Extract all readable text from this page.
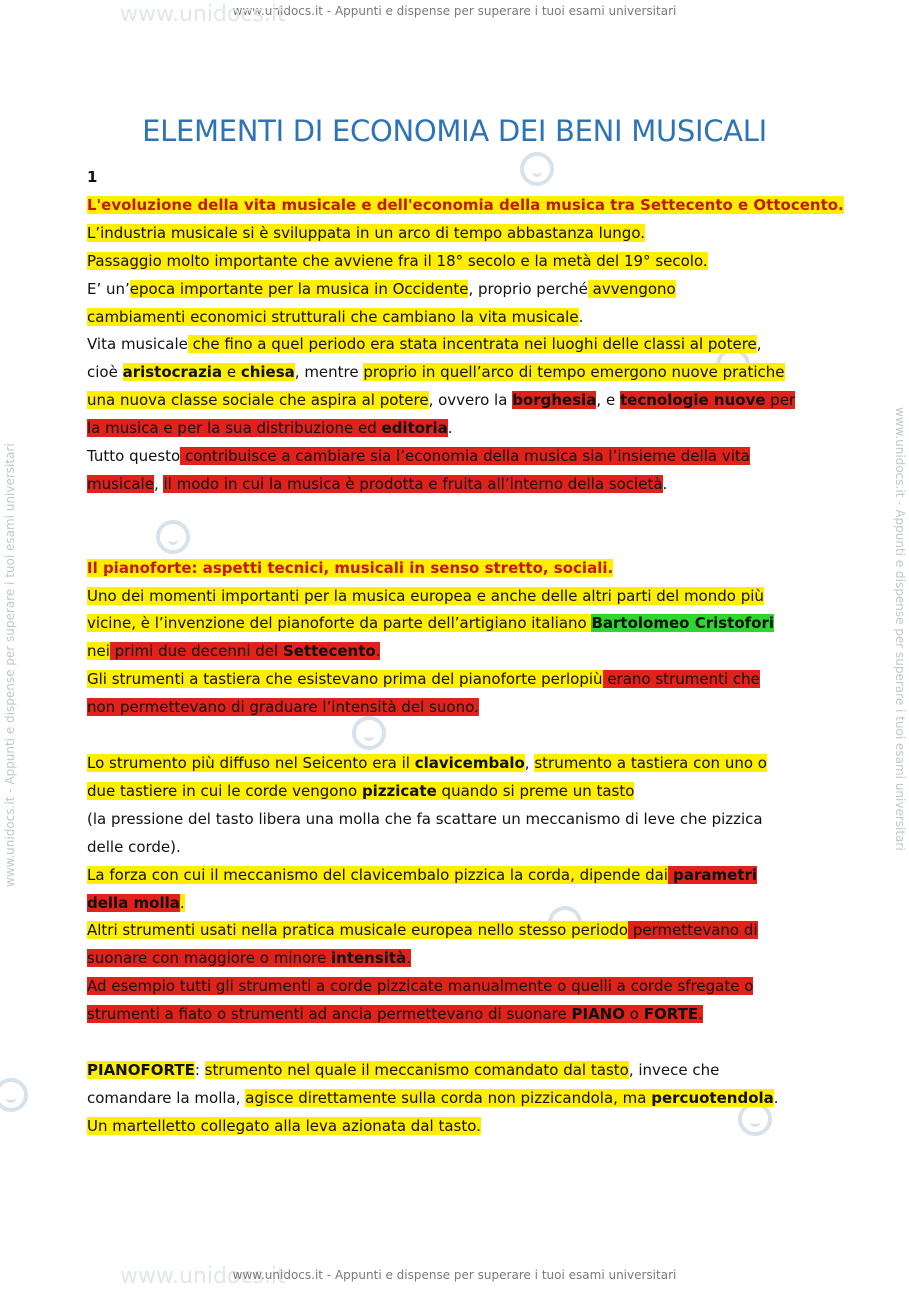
www.unidocs.it - Appunti e dispense per superare i tuoi esami universitari
www.unidocs.it
www.unidocs.it
www.unidocs.it - Appunti e dispense per superare i tuoi esami universitari	www.unidocs.it - Appunti e dispense per superare i tuoi esami universitari
ELEMENTI DI ECONOMIA DEI BENI MUSICALI

1

L'evoluzione della vita musicale e dell'economia della musica tra Settecento e Ottocento.

L’industria musicale si è sviluppata in un arco di tempo abbastanza lungo.

Passaggio molto importante che avviene fra il 18° secolo e la metà del 19° secolo.

E’ un’epoca importante per la musica in Occidente, proprio perché avvengono

cambiamenti economici strutturali che cambiano la vita musicale.

Vita musicale che fino a quel periodo era stata incentrata nei luoghi delle classi al potere,

cioè aristocrazia e chiesa, mentre proprio in quell’arco di tempo emergono nuove pratiche

una nuova classe sociale che aspira al potere, ovvero la borghesia, e tecnologie nuove per

la musica e per la sua distribuzione ed editoria.

Tutto questo contribuisce a cambiare sia l’economia della musica sia l’insieme della vita

musicale, il modo in cui la musica è prodotta e fruita all’interno della società.

Il pianoforte: aspetti tecnici, musicali in senso stretto, sociali.

Uno dei momenti importanti per la musica europea e anche delle altri parti del mondo più

vicine, è l’invenzione del pianoforte da parte dell’artigiano italiano Bartolomeo Cristofori

nei primi due decenni del Settecento.

Gli strumenti a tastiera che esistevano prima del pianoforte perlopiù erano strumenti che

non permettevano di graduare l’intensità del suono.

Lo strumento più diffuso nel Seicento era il clavicembalo, strumento a tastiera con uno o

due tastiere in cui le corde vengono pizzicate quando si preme un tasto

(la pressione del tasto libera una molla che fa scattare un meccanismo di leve che pizzica

delle corde).

La forza con cui il meccanismo del clavicembalo pizzica la corda, dipende dai parametri

della molla.

Altri strumenti usati nella pratica musicale europea nello stesso periodo permettevano di

suonare con maggiore o minore intensità.

Ad esempio tutti gli strumenti a corde pizzicate manualmente o quelli a corde sfregate o

strumenti a fiato o strumenti ad ancia permettevano di suonare PIANO o FORTE.

PIANOFORTE: strumento nel quale il meccanismo comandato dal tasto, invece che

comandare la molla, agisce direttamente sulla corda non pizzicandola, ma percuotendola.

Un martelletto collegato alla leva azionata dal tasto.

www.unidocs.it - Appunti e dispense per superare i tuoi esami universitari
